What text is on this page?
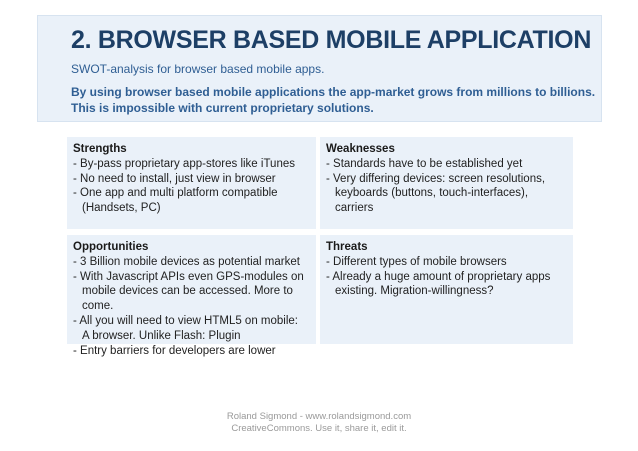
2. BROWSER BASED MOBILE APPLICATION
SWOT-analysis for browser based mobile apps.
By using browser based mobile applications the app-market grows from millions to billions.
This is impossible with current proprietary solutions.
Strengths
- By-pass proprietary app-stores like iTunes
- No need to install, just view in browser
- One app and multi platform compatible
(Handsets, PC)
Weaknesses
- Standards have to be established yet
- Very differing devices: screen resolutions,
keyboards (buttons, touch-interfaces), carriers
Opportunities
- 3 Billion mobile devices as potential market
- With Javascript APIs even GPS-modules on
mobile devices can be accessed. More to come.
- All you will need to view HTML5 on mobile:
A browser. Unlike Flash: Plugin
- Entry barriers for developers are lower
Threats
- Different types of mobile browsers
- Already a huge amount of proprietary apps
existing. Migration-willingness?
Roland Sigmond - www.rolandsigmond.com
CreativeCommons. Use it, share it, edit it.
